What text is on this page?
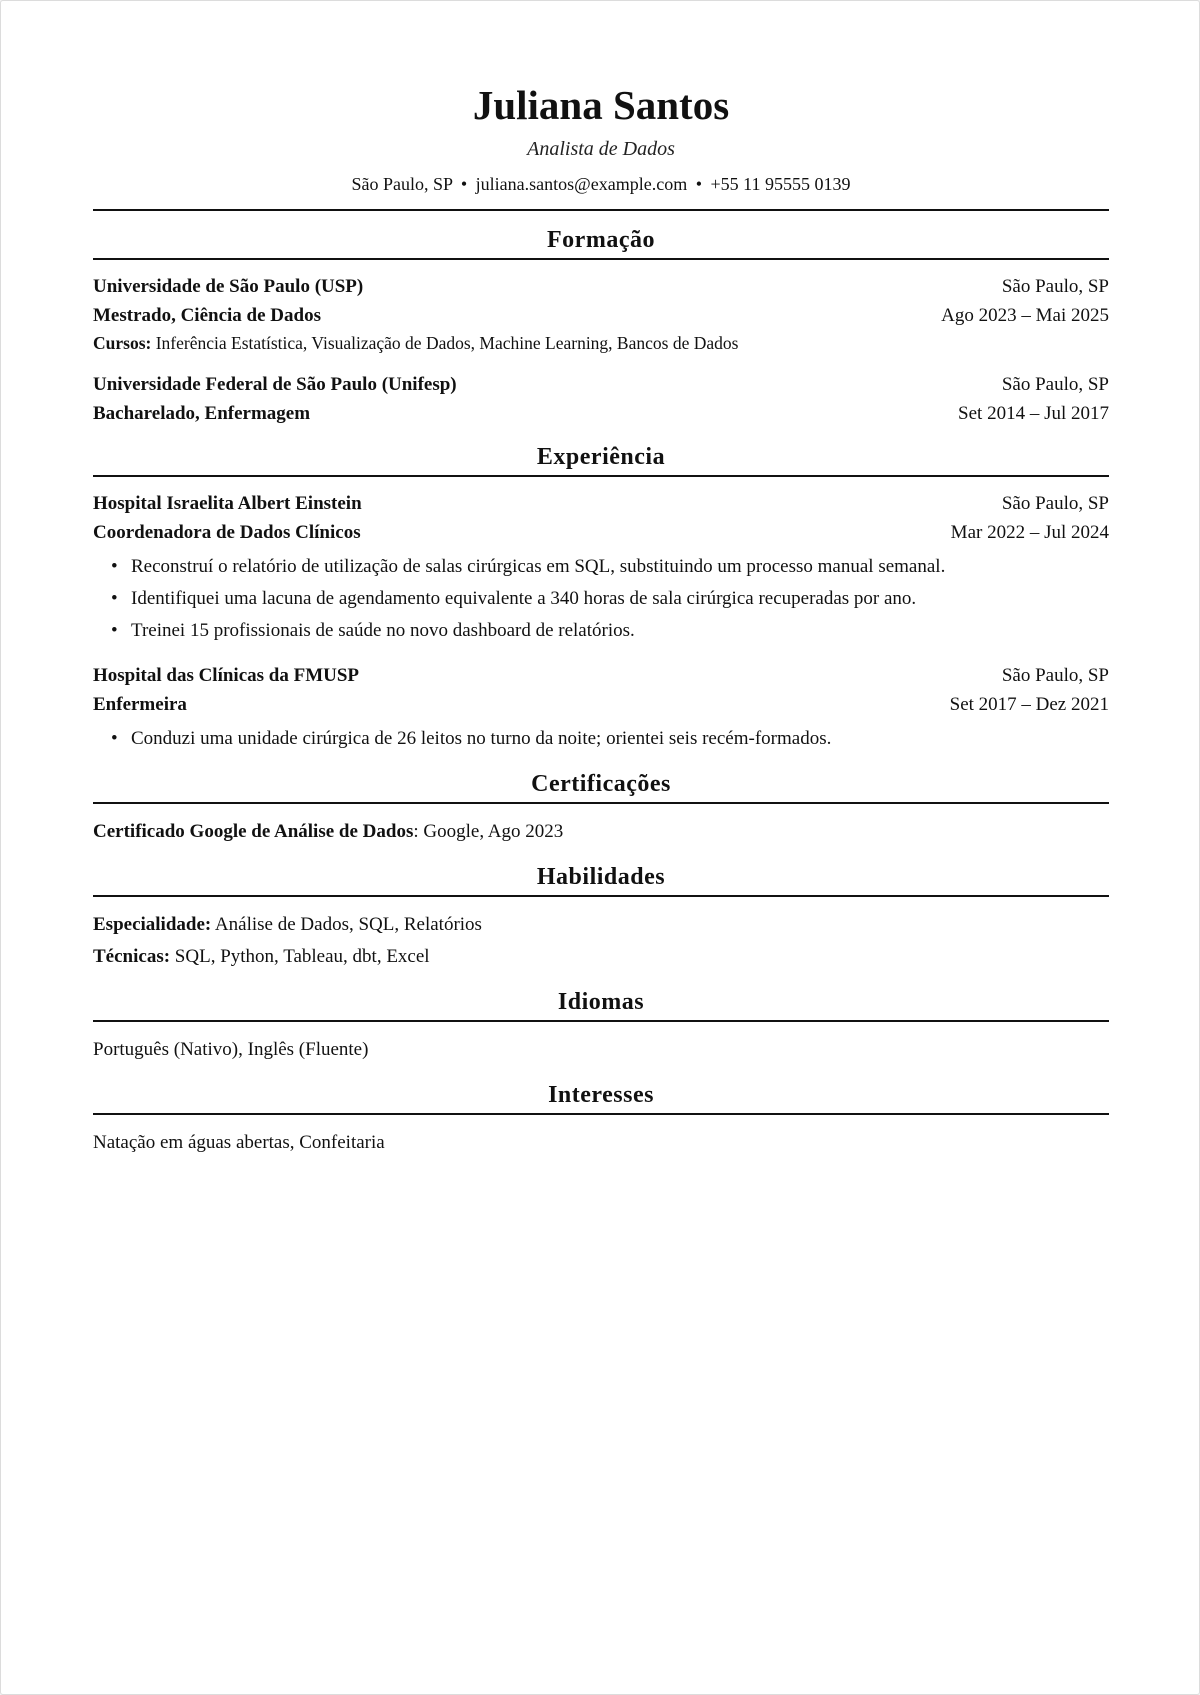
Juliana Santos
Analista de Dados
São Paulo, SP • juliana.santos@example.com • +55 11 95555 0139
Formação
Universidade de São Paulo (USP)	São Paulo, SP
Mestrado, Ciência de Dados	Ago 2023 – Mai 2025
Cursos: Inferência Estatística, Visualização de Dados, Machine Learning, Bancos de Dados
Universidade Federal de São Paulo (Unifesp)	São Paulo, SP
Bacharelado, Enfermagem	Set 2014 – Jul 2017
Experiência
Hospital Israelita Albert Einstein	São Paulo, SP
Coordenadora de Dados Clínicos	Mar 2022 – Jul 2024
• Reconstruí o relatório de utilização de salas cirúrgicas em SQL, substituindo um processo manual semanal.
• Identifiquei uma lacuna de agendamento equivalente a 340 horas de sala cirúrgica recuperadas por ano.
• Treinei 15 profissionais de saúde no novo dashboard de relatórios.
Hospital das Clínicas da FMUSP	São Paulo, SP
Enfermeira	Set 2017 – Dez 2021
• Conduzi uma unidade cirúrgica de 26 leitos no turno da noite; orientei seis recém-formados.
Certificações
Certificado Google de Análise de Dados: Google, Ago 2023
Habilidades
Especialidade: Análise de Dados, SQL, Relatórios
Técnicas: SQL, Python, Tableau, dbt, Excel
Idiomas
Português (Nativo), Inglês (Fluente)
Interesses
Natação em águas abertas, Confeitaria
